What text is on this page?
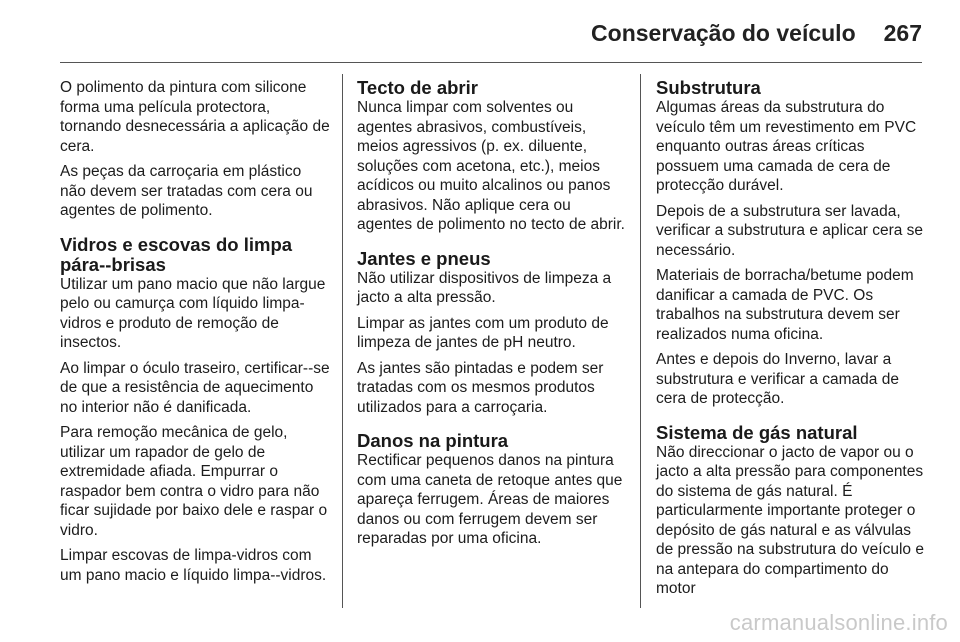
Conservação do veículo 267

O polimento da pintura com silicone forma uma película protectora, tornando desnecessária a aplicação de cera.

As peças da carroçaria em plástico não devem ser tratadas com cera ou agentes de polimento.

Vidros e escovas do limpa pára--brisas

Utilizar um pano macio que não largue pelo ou camurça com líquido limpa-vidros e produto de remoção de insectos.

Ao limpar o óculo traseiro, certificar--se de que a resistência de aquecimento no interior não é danificada.

Para remoção mecânica de gelo, utilizar um rapador de gelo de extremidade afiada. Empurrar o raspador bem contra o vidro para não ficar sujidade por baixo dele e raspar o vidro.

Limpar escovas de limpa-vidros com um pano macio e líquido limpa--vidros.

Tecto de abrir

Nunca limpar com solventes ou agentes abrasivos, combustíveis, meios agressivos (p. ex. diluente, soluções com acetona, etc.), meios acídicos ou muito alcalinos ou panos abrasivos. Não aplique cera ou agentes de polimento no tecto de abrir.

Jantes e pneus

Não utilizar dispositivos de limpeza a jacto a alta pressão.

Limpar as jantes com um produto de limpeza de jantes de pH neutro.

As jantes são pintadas e podem ser tratadas com os mesmos produtos utilizados para a carroçaria.

Danos na pintura

Rectificar pequenos danos na pintura com uma caneta de retoque antes que apareça ferrugem. Áreas de maiores danos ou com ferrugem devem ser reparadas por uma oficina.

Substrutura

Algumas áreas da substrutura do veículo têm um revestimento em PVC enquanto outras áreas críticas possuem uma camada de cera de protecção durável.

Depois de a substrutura ser lavada, verificar a substrutura e aplicar cera se necessário.

Materiais de borracha/betume podem danificar a camada de PVC. Os trabalhos na substrutura devem ser realizados numa oficina.

Antes e depois do Inverno, lavar a substrutura e verificar a camada de cera de protecção.

Sistema de gás natural

Não direccionar o jacto de vapor ou o jacto a alta pressão para componentes do sistema de gás natural. É particularmente importante proteger o depósito de gás natural e as válvulas de pressão na substrutura do veículo e na antepara do compartimento do motor

carmanualsonline.info
